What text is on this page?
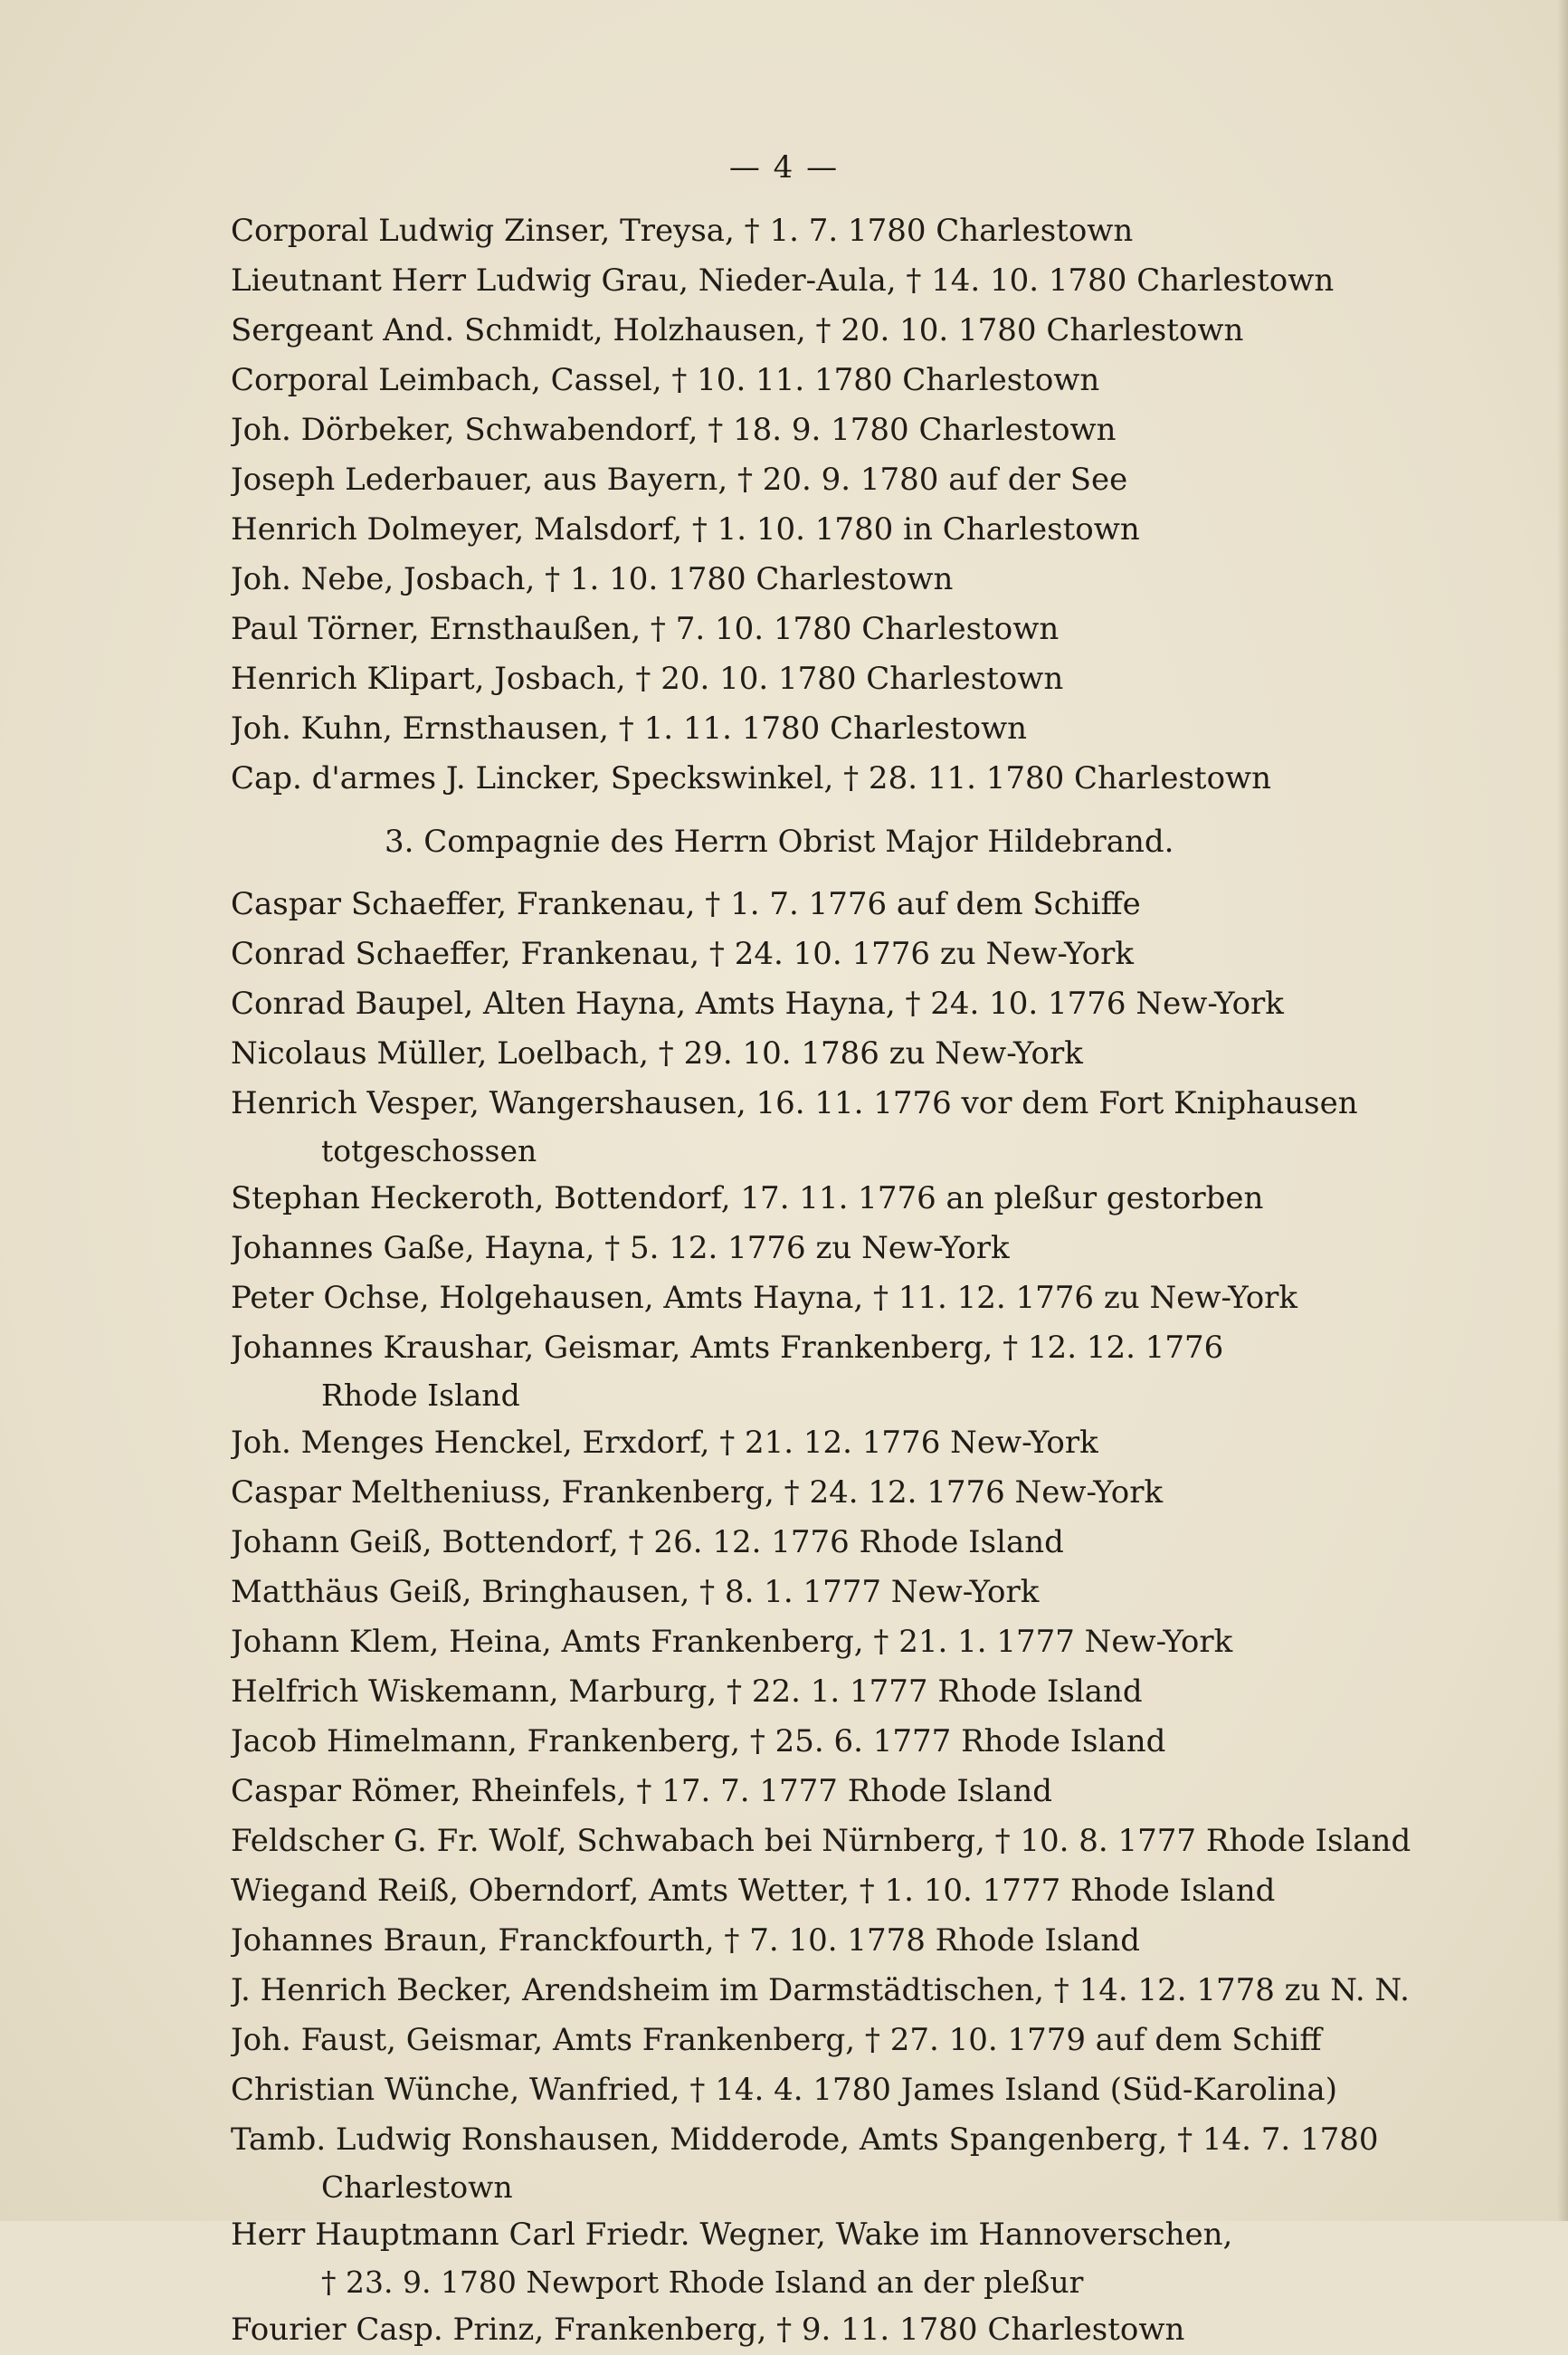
— 4 —
Corporal Ludwig Zinser, Treysa, † 1. 7. 1780 Charlestown
Lieutnant Herr Ludwig Grau, Nieder-Aula, † 14. 10. 1780 Charlestown
Sergeant And. Schmidt, Holzhausen, † 20. 10. 1780 Charlestown
Corporal Leimbach, Cassel, † 10. 11. 1780 Charlestown
Joh. Dörbeker, Schwabendorf, † 18. 9. 1780 Charlestown
Joseph Lederbauer, aus Bayern, † 20. 9. 1780 auf der See
Henrich Dolmeyer, Malsdorf, † 1. 10. 1780 in Charlestown
Joh. Nebe, Josbach, † 1. 10. 1780 Charlestown
Paul Törner, Ernsthaußen, † 7. 10. 1780 Charlestown
Henrich Klipart, Josbach, † 20. 10. 1780 Charlestown
Joh. Kuhn, Ernsthausen, † 1. 11. 1780 Charlestown
Cap. d'armes J. Lincker, Speckswinkel, † 28. 11. 1780 Charlestown
3. Compagnie des Herrn Obrist Major Hildebrand.
Caspar Schaeffer, Frankenau, † 1. 7. 1776 auf dem Schiffe
Conrad Schaeffer, Frankenau, † 24. 10. 1776 zu New-York
Conrad Baupel, Alten Hayna, Amts Hayna, † 24. 10. 1776 New-York
Nicolaus Müller, Loelbach, † 29. 10. 1786 zu New-York
Henrich Vesper, Wangershausen, 16. 11. 1776 vor dem Fort Kniphausen
totgeschossen
Stephan Heckeroth, Bottendorf, 17. 11. 1776 an pleßur gestorben
Johannes Gaße, Hayna, † 5. 12. 1776 zu New-York
Peter Ochse, Holgehausen, Amts Hayna, † 11. 12. 1776 zu New-York
Johannes Kraushar, Geismar, Amts Frankenberg, † 12. 12. 1776
Rhode Island
Joh. Menges Henckel, Erxdorf, † 21. 12. 1776 New-York
Caspar Meltheniuss, Frankenberg, † 24. 12. 1776 New-York
Johann Geiß, Bottendorf, † 26. 12. 1776 Rhode Island
Matthäus Geiß, Bringhausen, † 8. 1. 1777 New-York
Johann Klem, Heina, Amts Frankenberg, † 21. 1. 1777 New-York
Helfrich Wiskemann, Marburg, † 22. 1. 1777 Rhode Island
Jacob Himelmann, Frankenberg, † 25. 6. 1777 Rhode Island
Caspar Römer, Rheinfels, † 17. 7. 1777 Rhode Island
Feldscher G. Fr. Wolf, Schwabach bei Nürnberg, † 10. 8. 1777 Rhode Island
Wiegand Reiß, Oberndorf, Amts Wetter, † 1. 10. 1777 Rhode Island
Johannes Braun, Franckfourth, † 7. 10. 1778 Rhode Island
J. Henrich Becker, Arendsheim im Darmstädtischen, † 14. 12. 1778 zu N. N.
Joh. Faust, Geismar, Amts Frankenberg, † 27. 10. 1779 auf dem Schiff
Christian Wünche, Wanfried, † 14. 4. 1780 James Island (Süd-Karolina)
Tamb. Ludwig Ronshausen, Midderode, Amts Spangenberg, † 14. 7. 1780
Charlestown
Herr Hauptmann Carl Friedr. Wegner, Wake im Hannoverschen,
† 23. 9. 1780 Newport Rhode Island an der pleßur
Fourier Casp. Prinz, Frankenberg, † 9. 11. 1780 Charlestown
